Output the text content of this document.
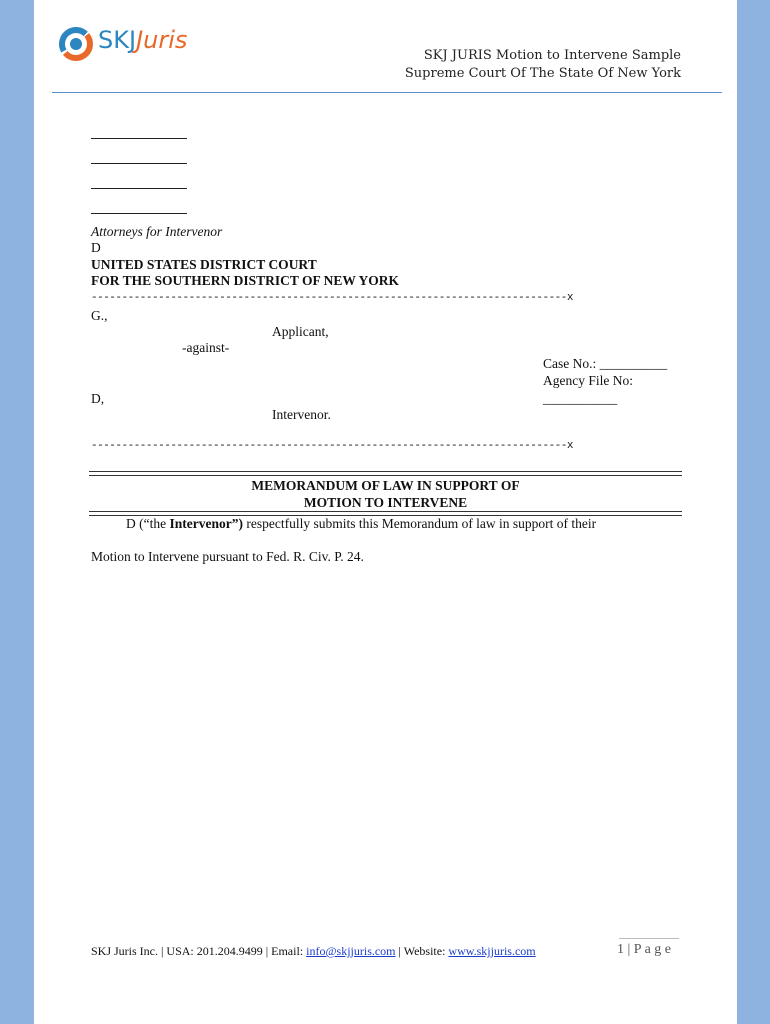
SKJJuris
SKJ JURIS Motion to Intervene Sample
Supreme Court Of The State Of New York
Attorneys for Intervenor
D
UNITED STATES DISTRICT COURT
FOR THE SOUTHERN DISTRICT OF NEW YORK
------------------------------------------------------------------------------x
G.,
Applicant,
-against-
Case No.: __________
Agency File No:
D,	___________
Intervenor.
------------------------------------------------------------------------------x
MEMORANDUM OF LAW IN SUPPORT OF
MOTION TO INTERVENE
D (“the Intervenor”) respectfully submits this Memorandum of law in support of their
Motion to Intervene pursuant to Fed. R. Civ. P. 24.
SKJ Juris Inc. | USA: 201.204.9499 | Email: info@skjjuris.com | Website: www.skjjuris.com	1 | P a g e
